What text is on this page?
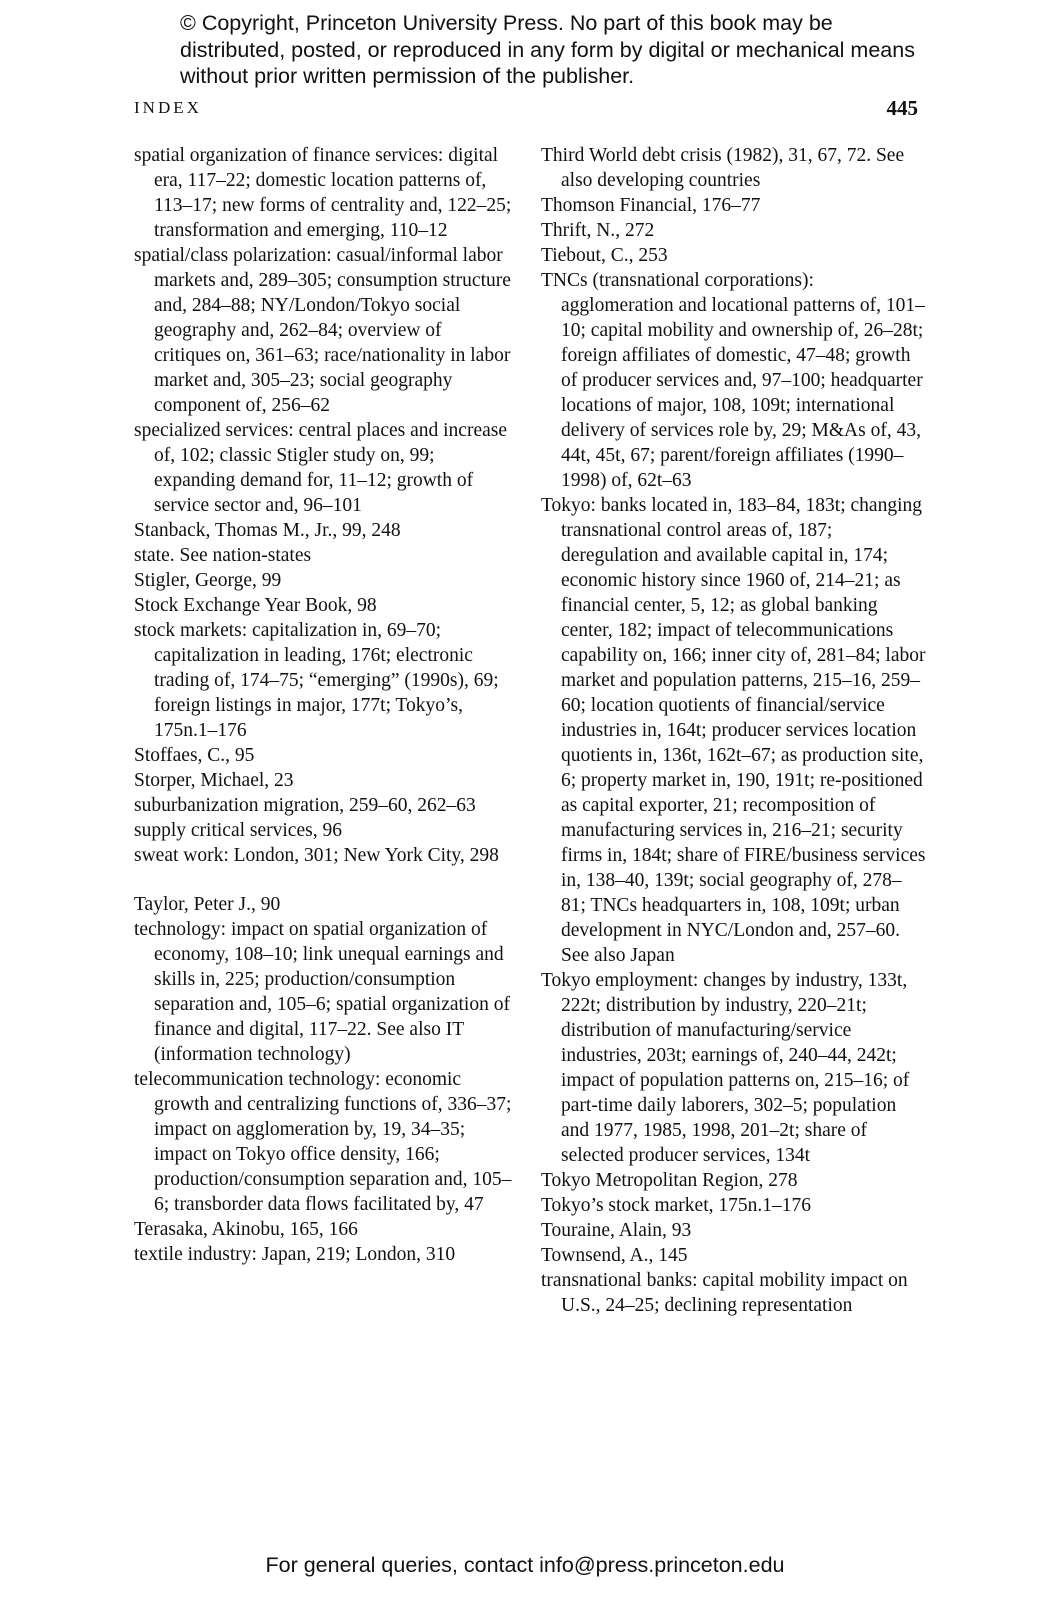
© Copyright, Princeton University Press. No part of this book may be distributed, posted, or reproduced in any form by digital or mechanical means without prior written permission of the publisher.
INDEX	445
spatial organization of finance services: digital era, 117–22; domestic location patterns of, 113–17; new forms of centrality and, 122–25; transformation and emerging, 110–12
spatial/class polarization: casual/informal labor markets and, 289–305; consumption structure and, 284–88; NY/London/Tokyo social geography and, 262–84; overview of critiques on, 361–63; race/nationality in labor market and, 305–23; social geography component of, 256–62
specialized services: central places and increase of, 102; classic Stigler study on, 99; expanding demand for, 11–12; growth of service sector and, 96–101
Stanback, Thomas M., Jr., 99, 248
state. See nation-states
Stigler, George, 99
Stock Exchange Year Book, 98
stock markets: capitalization in, 69–70; capitalization in leading, 176t; electronic trading of, 174–75; “emerging” (1990s), 69; foreign listings in major, 177t; Tokyo’s, 175n.1–176
Stoffaes, C., 95
Storper, Michael, 23
suburbanization migration, 259–60, 262–63
supply critical services, 96
sweat work: London, 301; New York City, 298
Taylor, Peter J., 90
technology: impact on spatial organization of economy, 108–10; link unequal earnings and skills in, 225; production/consumption separation and, 105–6; spatial organization of finance and digital, 117–22. See also IT (information technology)
telecommunication technology: economic growth and centralizing functions of, 336–37; impact on agglomeration by, 19, 34–35; impact on Tokyo office density, 166; production/consumption separation and, 105–6; transborder data flows facilitated by, 47
Terasaka, Akinobu, 165, 166
textile industry: Japan, 219; London, 310
Third World debt crisis (1982), 31, 67, 72. See also developing countries
Thomson Financial, 176–77
Thrift, N., 272
Tiebout, C., 253
TNCs (transnational corporations): agglomeration and locational patterns of, 101–10; capital mobility and ownership of, 26–28t; foreign affiliates of domestic, 47–48; growth of producer services and, 97–100; headquarter locations of major, 108, 109t; international delivery of services role by, 29; M&As of, 43, 44t, 45t, 67; parent/foreign affiliates (1990–1998) of, 62t–63
Tokyo: banks located in, 183–84, 183t; changing transnational control areas of, 187; deregulation and available capital in, 174; economic history since 1960 of, 214–21; as financial center, 5, 12; as global banking center, 182; impact of telecommunications capability on, 166; inner city of, 281–84; labor market and population patterns, 215–16, 259–60; location quotients of financial/service industries in, 164t; producer services location quotients in, 136t, 162t–67; as production site, 6; property market in, 190, 191t; re-positioned as capital exporter, 21; recomposition of manufacturing services in, 216–21; security firms in, 184t; share of FIRE/business services in, 138–40, 139t; social geography of, 278–81; TNCs headquarters in, 108, 109t; urban development in NYC/London and, 257–60. See also Japan
Tokyo employment: changes by industry, 133t, 222t; distribution by industry, 220–21t; distribution of manufacturing/service industries, 203t; earnings of, 240–44, 242t; impact of population patterns on, 215–16; of part-time daily laborers, 302–5; population and 1977, 1985, 1998, 201–2t; share of selected producer services, 134t
Tokyo Metropolitan Region, 278
Tokyo’s stock market, 175n.1–176
Touraine, Alain, 93
Townsend, A., 145
transnational banks: capital mobility impact on U.S., 24–25; declining representation
For general queries, contact info@press.princeton.edu
